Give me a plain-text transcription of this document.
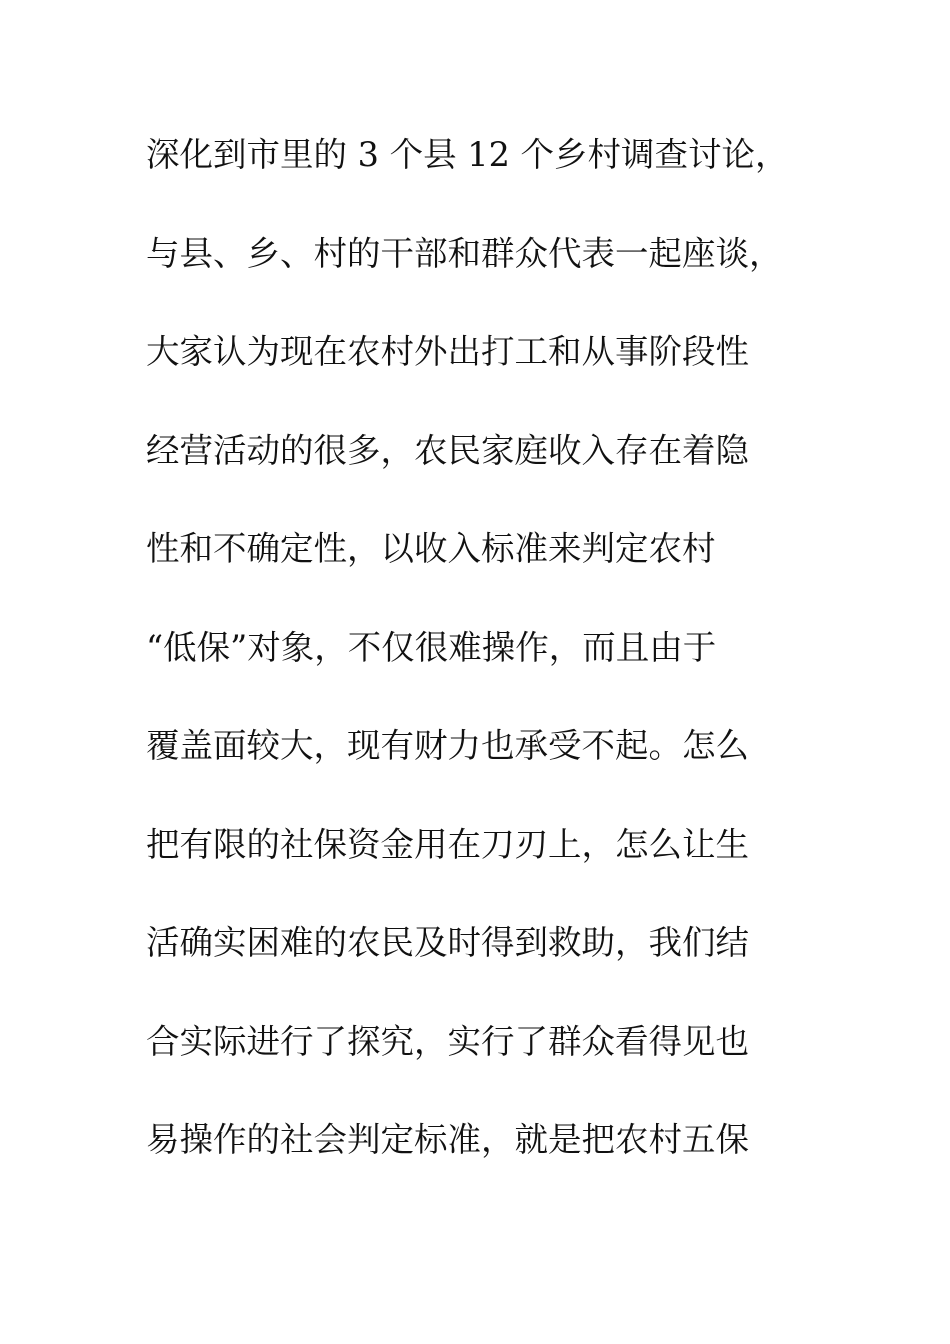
深化到市里的 3 个县 12 个乡村调查讨论，
与县、乡、村的干部和群众代表一起座谈，
大家认为现在农村外出打工和从事阶段性
经营活动的很多，农民家庭收入存在着隐
性和不确定性，以收入标准来判定农村
“低保”对象，不仅很难操作，而且由于
覆盖面较大，现有财力也承受不起。怎么
把有限的社保资金用在刀刃上，怎么让生
活确实困难的农民及时得到救助，我们结
合实际进行了探究，实行了群众看得见也
易操作的社会判定标准，就是把农村五保
